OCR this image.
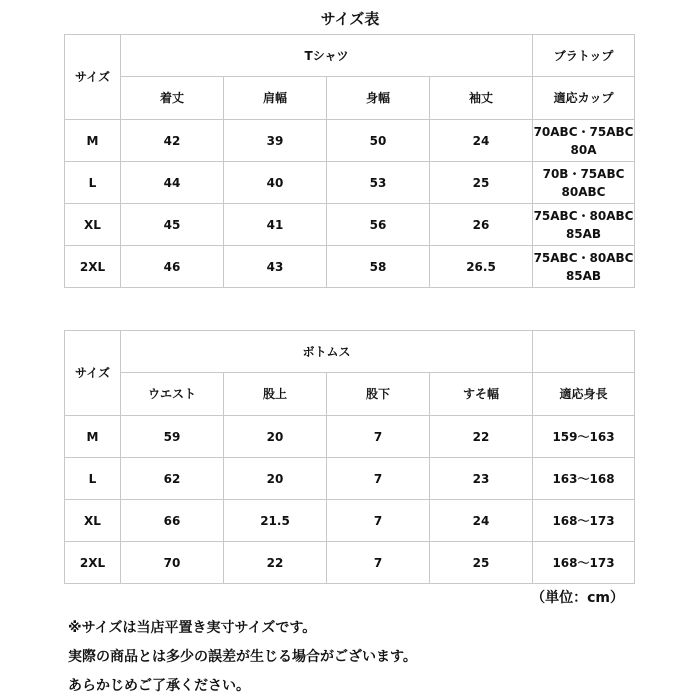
サイズ表
サイズ	Tシャツ				ブラトップ
	着丈	肩幅	身幅	袖丈	適応カップ
M	42	39	50	24	70ABC・75ABC
80A

L	44	40	53	25	70B・75ABC
80ABC

XL	45	41	56	26	75ABC・80ABC
85AB

2XL	46	43	58	26.5	75ABC・80ABC
85AB
サイズ	ボトムス				
	ウエスト	股上	股下	すそ幅	適応身長
M	59	20	7	22	159～163
L	62	20	7	23	163～168
XL	66	21.5	7	24	168～173
2XL	70	22	7	25	168～173
（単位：cm）
※サイズは当店平置き実寸サイズです。
実際の商品とは多少の誤差が生じる場合がございます。
あらかじめご了承ください。
